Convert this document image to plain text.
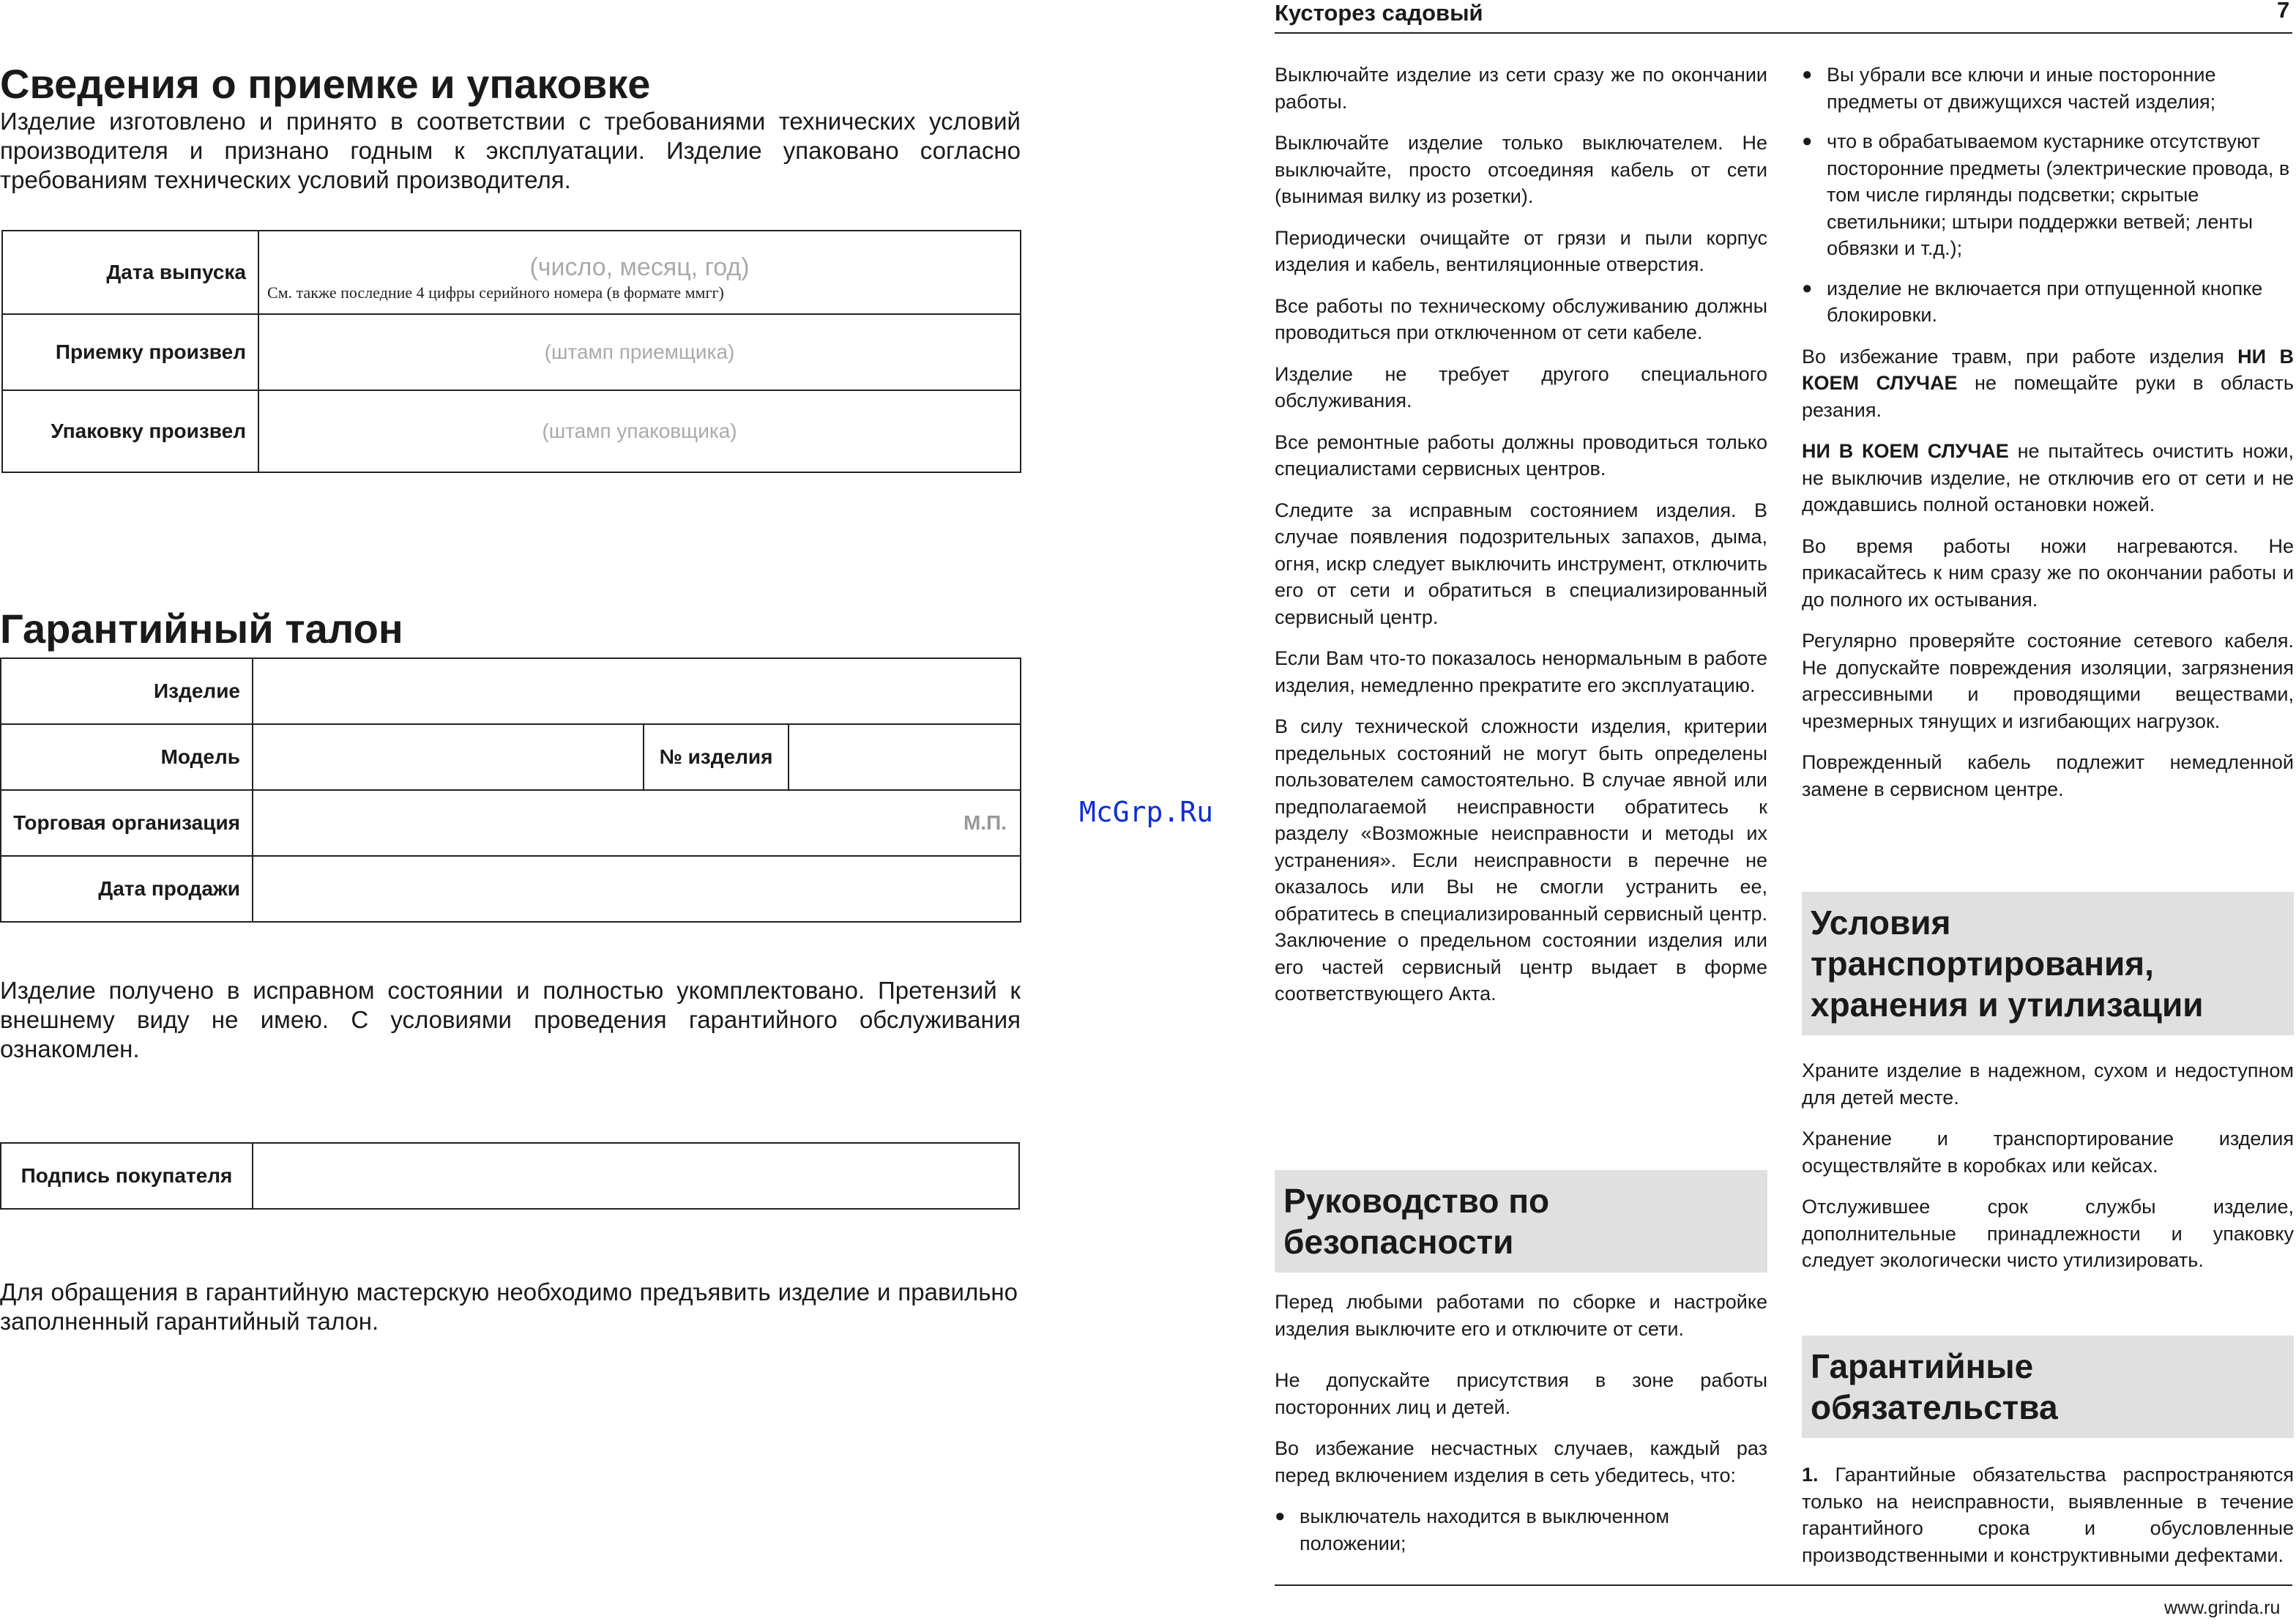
Сведения о приемке и упаковке

Изделие изготовлено и принято в соответствии с требованиями технических условий производителя и признано годным к эксплуатации. Изделие упаковано согласно требованиям технических условий производителя.

Дата выпуска	(число, месяц, год)
См. также последние 4 цифры серийного номера (в формате ммгг)

Приемку произвел	(штамп приемщика)
Упаковку произвел	(штамп упаковщика)
Гарантийный талон
Изделие			
Модель		№ изделия	
Торговая организация	М.П.		
Дата продажи			

Изделие получено в исправном состоянии и полностью укомплектовано. Претензий к внешнему виду не имею. С условиями проведения гарантийного обслуживания ознакомлен.

Подпись покупателя	

Для обращения в гарантийную мастерскую необходимо предъявить изделие и правильно заполненный гарантийный талон.

McGrp.Ru
Кусторез садовый	7

Выключайте изделие из сети сразу же по окончании работы.

Выключайте изделие только выключателем. Не выключайте, просто отсоединяя кабель от сети (вынимая вилку из розетки).

Периодически очищайте от грязи и пыли корпус изделия и кабель, вентиляционные отверстия.

Все работы по техническому обслуживанию должны проводиться при отключенном от сети кабеле.

Изделие не требует другого специального обслуживания.

Все ремонтные работы должны проводиться только специалистами сервисных центров.

Следите за исправным состоянием изделия. В случае появления подозрительных запахов, дыма, огня, искр следует выключить инструмент, отключить его от сети и обратиться в специализированный сервисный центр.

Если Вам что-то показалось ненормальным в работе изделия, немедленно прекратите его эксплуатацию.

В силу технической сложности изделия, критерии предельных состояний не могут быть определены пользователем самостоятельно. В случае явной или предполагаемой неисправности обратитесь к разделу «Возможные неисправности и методы их устранения». Если неисправности в перечне не оказалось или Вы не смогли устранить ее, обратитесь в специализированный сервисный центр. Заключение о предельном состоянии изделия или его частей сервисный центр выдает в форме соответствующего Акта.

Руководство по безопасности

Перед любыми работами по сборке и настройке изделия выключите его и отключите от сети.

Не допускайте присутствия в зоне работы посторонних лиц и детей.

Во избежание несчастных случаев, каждый раз перед включением изделия в сеть убедитесь, что:

● выключатель находится в выключенном положении;
● Вы убрали все ключи и иные посторонние предметы от движущихся частей изделия;
● что в обрабатываемом кустарнике отсутствуют посторонние предметы (электрические провода, в том числе гирлянды подсветки; скрытые светильники; штыри поддержки ветвей; ленты обвязки и т.д.);
● изделие не включается при отпущенной кнопке блокировки.

Во избежание травм, при работе изделия НИ В КОЕМ СЛУЧАЕ не помещайте руки в область резания.

НИ В КОЕМ СЛУЧАЕ не пытайтесь очистить ножи, не выключив изделие, не отключив его от сети и не дождавшись полной остановки ножей.

Во время работы ножи нагреваются. Не прикасайтесь к ним сразу же по окончании работы и до полного их остывания.

Регулярно проверяйте состояние сетевого кабеля. Не допускайте повреждения изоляции, загрязнения агрессивными и проводящими веществами, чрезмерных тянущих и изгибающих нагрузок.

Поврежденный кабель подлежит немедленной замене в сервисном центре.

Условия транспортирования, хранения и утилизации

Храните изделие в надежном, сухом и недоступном для детей месте.

Хранение и транспортирование изделия осуществляйте в коробках или кейсах.

Отслужившее срок службы изделие, дополнительные принадлежности и упаковку следует экологически чисто утилизировать.

Гарантийные обязательства

1. Гарантийные обязательства распространяются только на неисправности, выявленные в течение гарантийного срока и обусловленные производственными и конструктивными дефектами.

www.grinda.ru
